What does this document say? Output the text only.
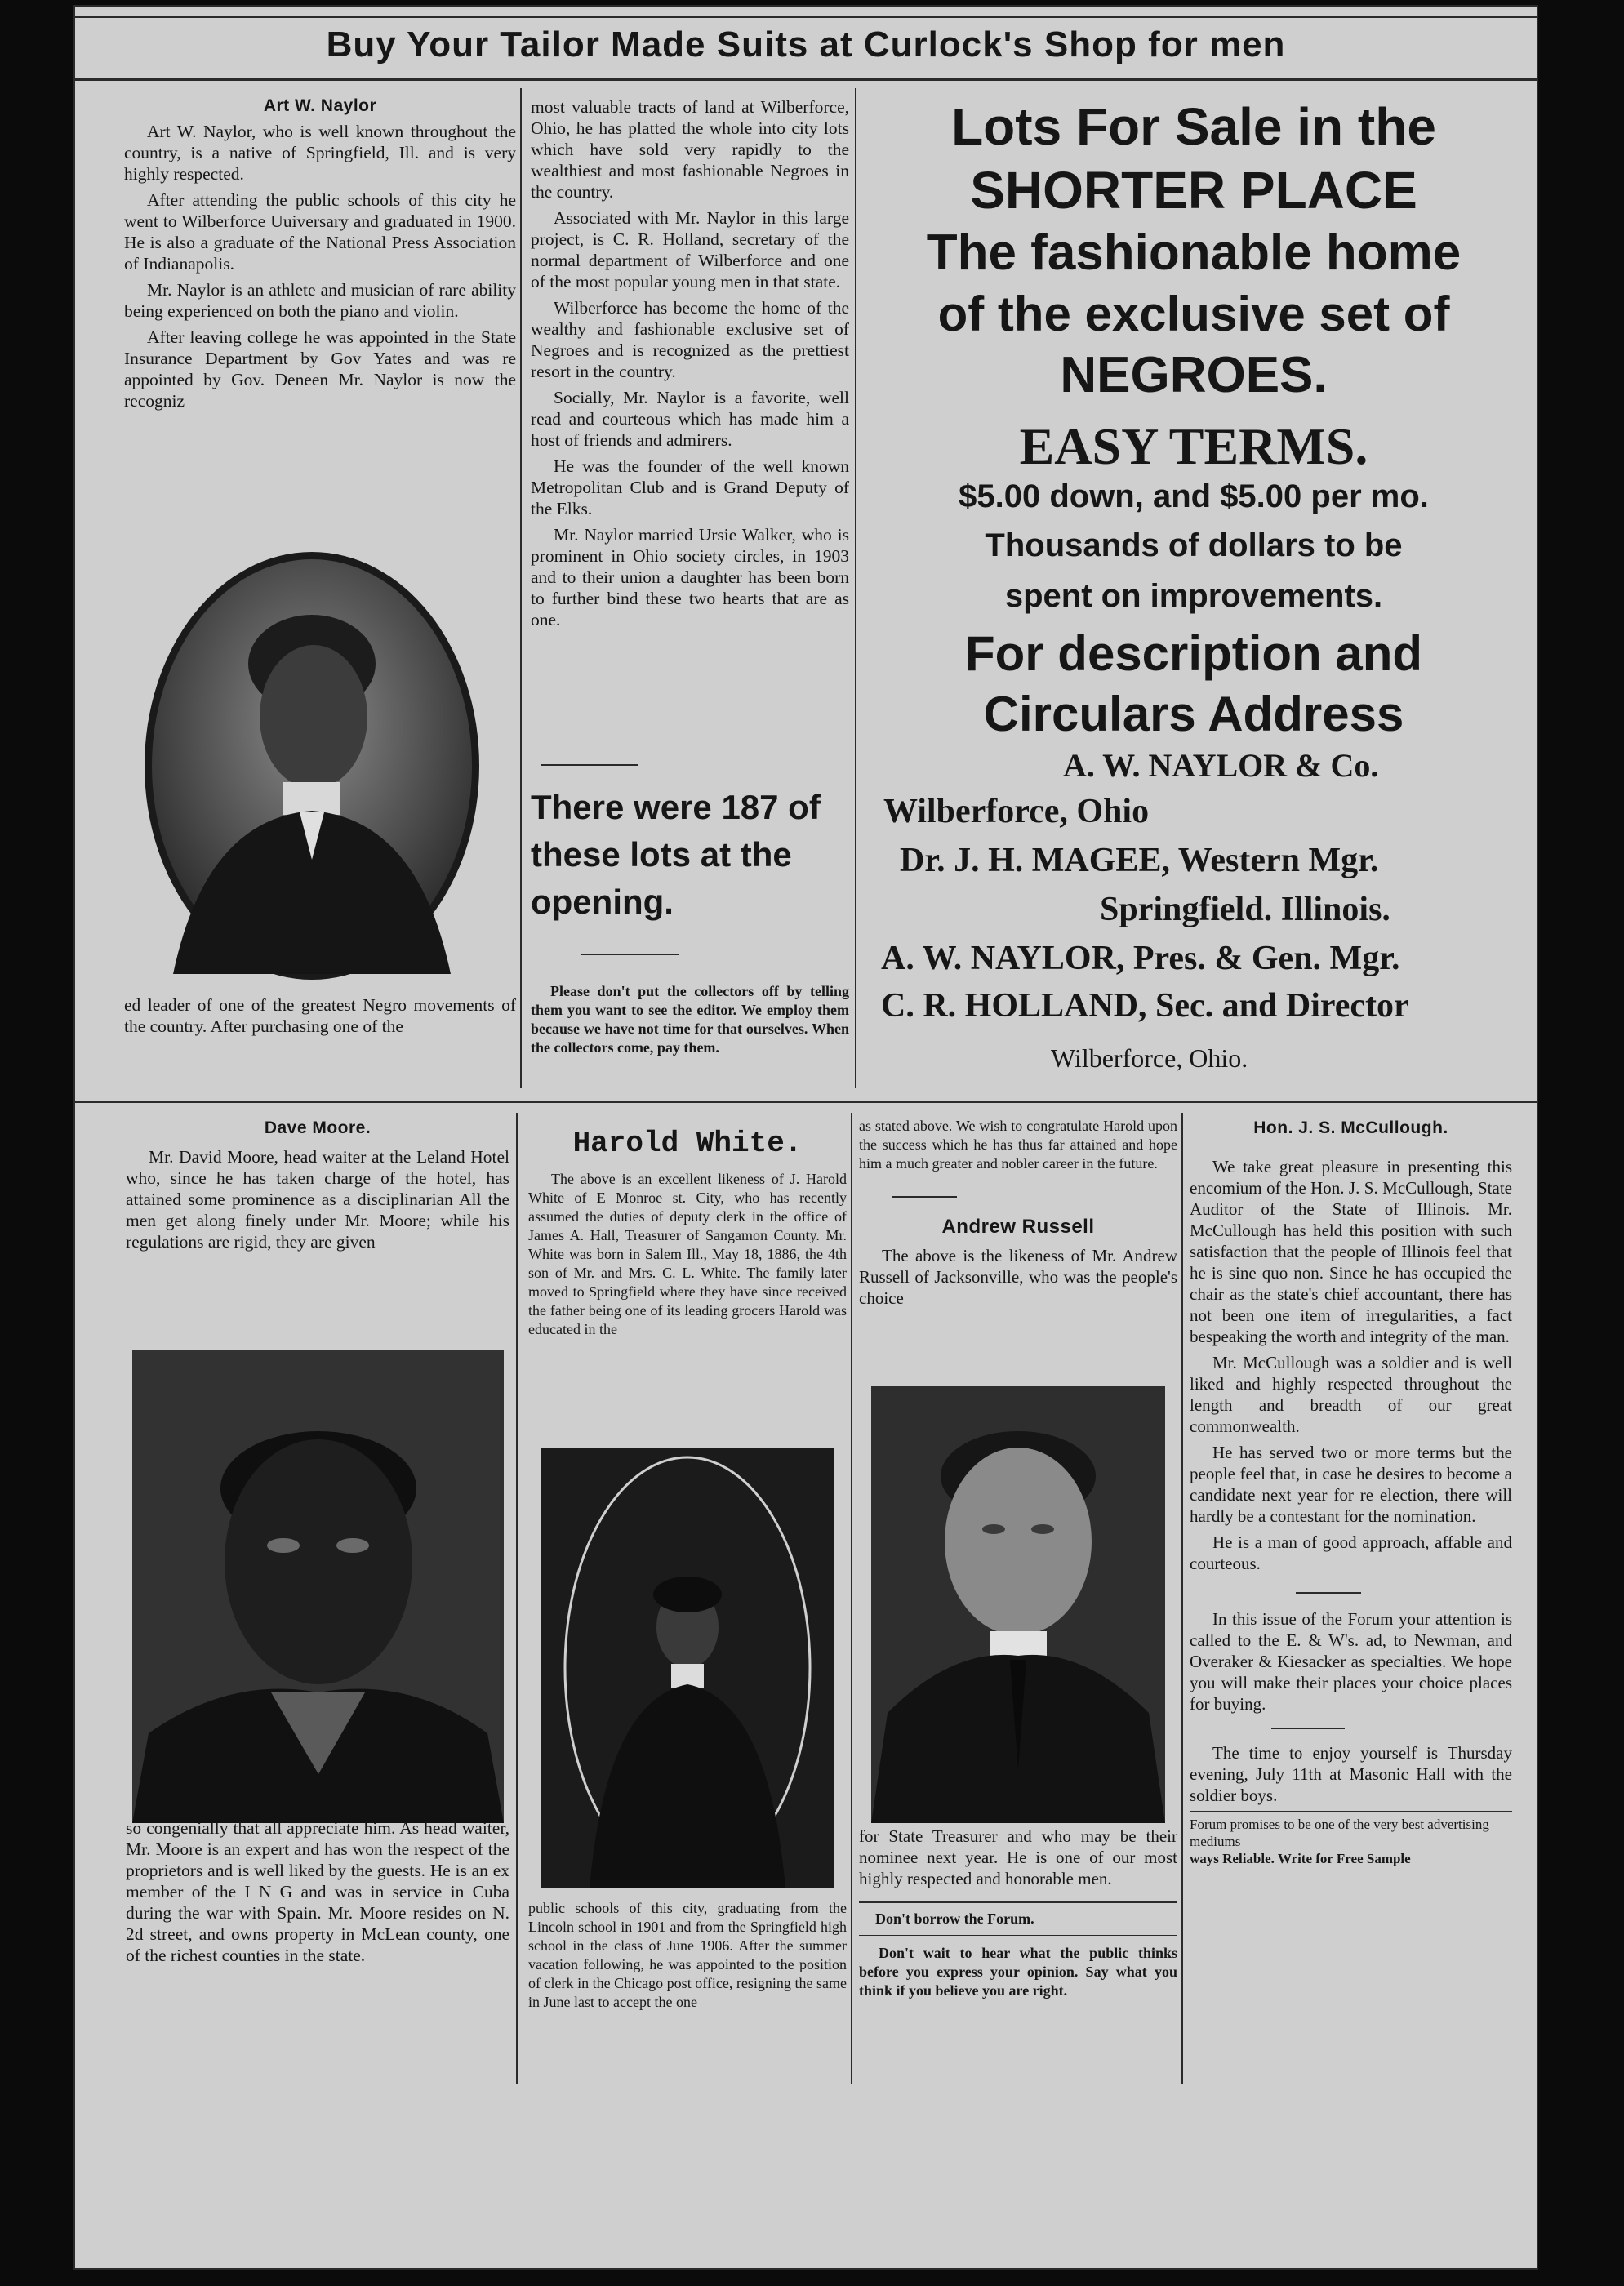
Buy Your Tailor Made Suits at Curlock's Shop for men
Art W. Naylor

Art W. Naylor, who is well known throughout the country, is a native of Springfield, Ill. and is very highly respected.

After attending the public schools of this city he went to Wilberforce Uuiversary and graduated in 1900. He is also a graduate of the National Press Association of Indianapolis.

Mr. Naylor is an athlete and musician of rare ability being experienced on both the piano and violin.

After leaving college he was appointed in the State Insurance Department by Gov Yates and was re appointed by Gov. Deneen Mr. Naylor is now the recogniz

ed leader of one of the greatest Negro movements of the country. After purchasing one of the

most valuable tracts of land at Wilberforce, Ohio, he has platted the whole into city lots which have sold very rapidly to the wealthiest and most fashionable Negroes in the country.

Associated with Mr. Naylor in this large project, is C. R. Holland, secretary of the normal department of Wilberforce and one of the most popular young men in that state.

Wilberforce has become the home of the wealthy and fashionable exclusive set of Negroes and is recognized as the prettiest resort in the country.

Socially, Mr. Naylor is a favorite, well read and courteous which has made him a host of friends and admirers.

He was the founder of the well known Metropolitan Club and is Grand Deputy of the Elks.

Mr. Naylor married Ursie Walker, who is prominent in Ohio society circles, in 1903 and to their union a daughter has been born to further bind these two hearts that are as one.

There were 187 of these lots at the opening.
Please don't put the collectors off by telling them you want to see the editor. We employ them because we have not time for that ourselves. When the collectors come, pay them.
Lots For Sale in the
SHORTER PLACE
The fashionable home
of the exclusive set of
NEGROES.
EASY TERMS.
$5.00 down, and $5.00 per mo.
Thousands of dollars to be
spent on improvements.
For description and
Circulars Address
A. W. NAYLOR & Co.
Wilberforce, Ohio
Dr. J. H. MAGEE, Western Mgr.
Springfield. Illinois.
A. W. NAYLOR, Pres. & Gen. Mgr.
C. R. HOLLAND, Sec. and Director
Wilberforce, Ohio.
Dave Moore.

Mr. David Moore, head waiter at the Leland Hotel who, since he has taken charge of the hotel, has attained some prominence as a disciplinarian All the men get along finely under Mr. Moore; while his regulations are rigid, they are given

so congenially that all appreciate him. As head waiter, Mr. Moore is an expert and has won the respect of the proprietors and is well liked by the guests. He is an ex member of the I N G and was in service in Cuba during the war with Spain. Mr. Moore resides on N. 2d street, and owns property in McLean county, one of the richest counties in the state.
Harold White.

The above is an excellent likeness of J. Harold White of E Monroe st. City, who has recently assumed the duties of deputy clerk in the office of James A. Hall, Treasurer of Sangamon County. Mr. White was born in Salem Ill., May 18, 1886, the 4th son of Mr. and Mrs. C. L. White. The family later moved to Springfield where they have since received the father being one of its leading grocers Harold was educated in the

public schools of this city, graduating from the Lincoln school in 1901 and from the Springfield high school in the class of June 1906. After the summer vacation following, he was appointed to the position of clerk in the Chicago post office, resigning the same in June last to accept the one
as stated above. We wish to congratulate Harold upon the success which he has thus far attained and hope him a much greater and nobler career in the future.
Andrew Russell

The above is the likeness of Mr. Andrew Russell of Jacksonville, who was the people's choice

for State Treasurer and who may be their nominee next year. He is one of our most highly respected and honorable men.
Don't borrow the Forum.
Don't wait to hear what the public thinks before you express your opinion. Say what you think if you believe you are right.
Hon. J. S. McCullough.

We take great pleasure in presenting this encomium of the Hon. J. S. McCullough, State Auditor of the State of Illinois. Mr. McCullough has held this position with such satisfaction that the people of Illinois feel that he is sine quo non. Since he has occupied the chair as the state's chief accountant, there has not been one item of irregularities, a fact bespeaking the worth and integrity of the man.

Mr. McCullough was a soldier and is well liked and highly respected throughout the length and breadth of our great commonwealth.

He has served two or more terms but the people feel that, in case he desires to become a candidate next year for re election, there will hardly be a contestant for the nomination.

He is a man of good approach, affable and courteous.

In this issue of the Forum your attention is called to the E. & W's. ad, to Newman, and Overaker & Kiesacker as specialties. We hope you will make their places your choice places for buying.

The time to enjoy yourself is Thursday evening, July 11th at Masonic Hall with the soldier boys.

Forum promises to be one of the very best advertising mediums
ways Reliable. Write for Free Sample
